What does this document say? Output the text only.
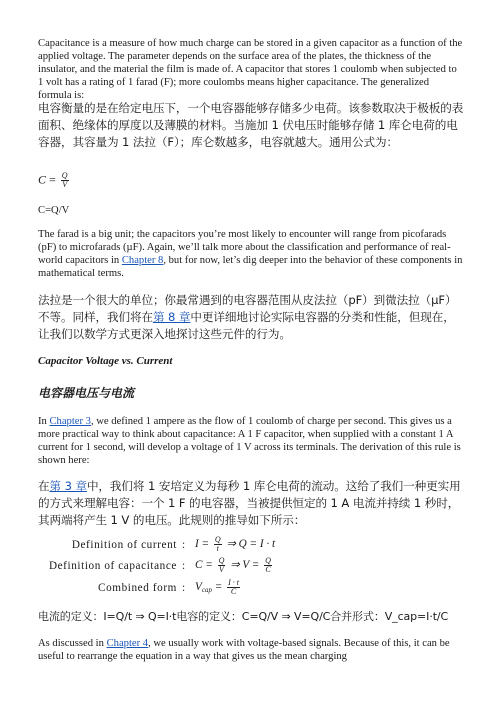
Capacitance is a measure of how much charge can be stored in a given capacitor as a function of the applied voltage. The parameter depends on the surface area of the plates, the thickness of the insulator, and the material the film is made of. A capacitor that stores 1 coulomb when subjected to 1 volt has a rating of 1 farad (F); more coulombs means higher capacitance. The generalized formula is:
电容衡量的是在给定电压下，一个电容器能够存储多少电荷。该参数取决于极板的表面积、绝缘体的厚度以及薄膜的材料。当施加 1 伏电压时能够存储 1 库仑电荷的电容器，其容量为 1 法拉（F）；库仑数越多，电容就越大。通用公式为：
$C = \frac{Q}{V}$
C=Q/V
The farad is a big unit; the capacitors you’re most likely to encounter will range from picofarads (pF) to microfarads (µF). Again, we’ll talk more about the classification and performance of real-world capacitors in Chapter 8, but for now, let’s dig deeper into the behavior of these components in mathematical terms.
法拉是一个很大的单位；你最常遇到的电容器范围从皮法拉（pF）到微法拉（µF）不等。同样，我们将在第 8 章中更详细地讨论实际电容器的分类和性能，但现在，让我们以数学方式更深入地探讨这些元件的行为。
Capacitor Voltage vs. Current
电容器电压与电流
In Chapter 3, we defined 1 ampere as the flow of 1 coulomb of charge per second. This gives us a more practical way to think about capacitance: A 1 F capacitor, when supplied with a constant 1 A current for 1 second, will develop a voltage of 1 V across its terminals. The derivation of this rule is shown here:
在第 3 章中，我们将 1 安培定义为每秒 1 库仑电荷的流动。这给了我们一种更实用的方式来理解电容：一个 1 F 的电容器，当被提供恒定的 1 A 电流并持续 1 秒时，其两端将产生 1 V 的电压。此规则的推导如下所示：
Definition of current : $I = \frac{Q}{t}$ ⇒ Q = I · t
Definition of capacitance : $C = \frac{Q}{V}$ ⇒ $V = \frac{Q}{C}$
Combined form : $V_{cap} = \frac{I \cdot t}{C}$
电流的定义：I=Q/t ⇒ Q=I·t电容的定义：C=Q/V ⇒ V=Q/C合并形式：V_cap=I·t/C
As discussed in Chapter 4, we usually work with voltage-based signals. Because of this, it can be useful to rearrange the equation in a way that gives us the mean charging
